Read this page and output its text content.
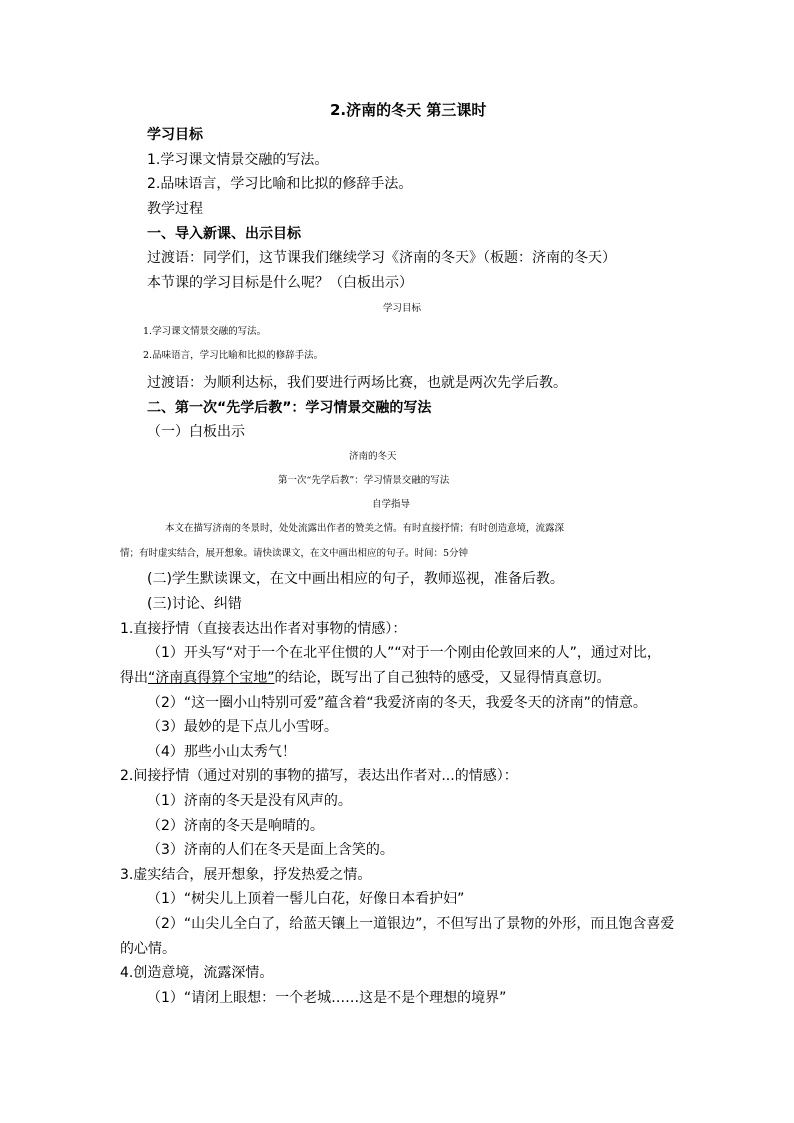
2.济南的冬天 第三课时
学习目标
1.学习课文情景交融的写法。
2.品味语言，学习比喻和比拟的修辞手法。
教学过程
一、导入新课、出示目标
过渡语：同学们，这节课我们继续学习《济南的冬天》（板题：济南的冬天）
本节课的学习目标是什么呢？（白板出示）
学习目标
1.学习课文情景交融的写法。
2.品味语言，学习比喻和比拟的修辞手法。
过渡语：为顺利达标，我们要进行两场比赛，也就是两次先学后教。
二、第一次“先学后教”：学习情景交融的写法
（一）白板出示
济南的冬天
第一次“先学后教”：学习情景交融的写法
自学指导
本文在描写济南的冬景时，处处流露出作者的赞美之情。有时直接抒情；有时创造意境，流露深
情；有时虚实结合，展开想象。请快读课文，在文中画出相应的句子。时间：5分钟
(二)学生默读课文，在文中画出相应的句子，教师巡视，准备后教。
(三)讨论、纠错
1.直接抒情（直接表达出作者对事物的情感）：
（1）开头写“对于一个在北平住惯的人”“对于一个刚由伦敦回来的人”，通过对比，
得出“济南真得算个宝地”的结论，既写出了自己独特的感受，又显得情真意切。
（2）“这一圈小山特别可爱”蕴含着“我爱济南的冬天，我爱冬天的济南”的情意。
（3）最妙的是下点儿小雪呀。
（4）那些小山太秀气！
2.间接抒情（通过对别的事物的描写，表达出作者对...的情感）：
（1）济南的冬天是没有风声的。
（2）济南的冬天是响晴的。
（3）济南的人们在冬天是面上含笑的。
3.虚实结合，展开想象，抒发热爱之情。
（1）“树尖儿上顶着一髻儿白花，好像日本看护妇”
（2）“山尖儿全白了，给蓝天镶上一道银边”，不但写出了景物的外形，而且饱含喜爱
的心情。
4.创造意境，流露深情。
（1）“请闭上眼想：一个老城……这是不是个理想的境界”
